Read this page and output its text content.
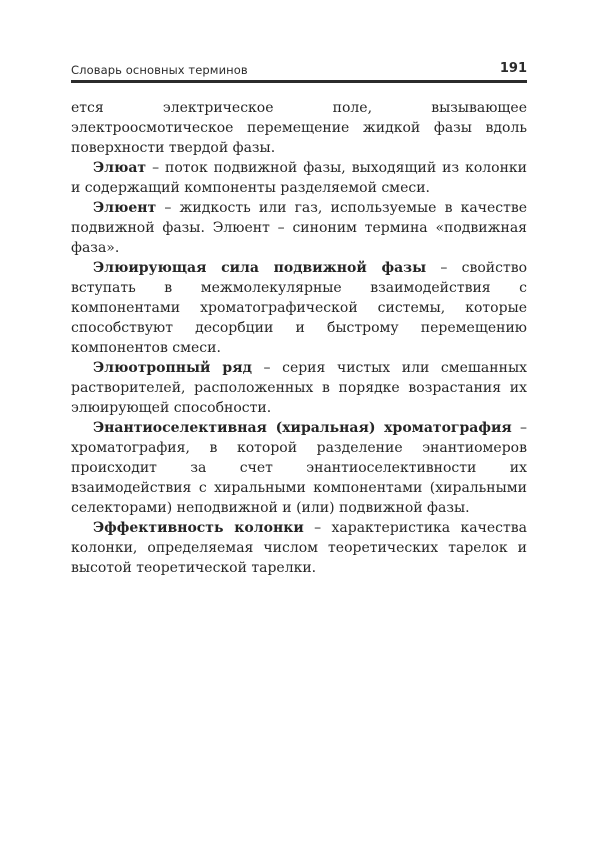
Словарь основных терминов	191

ется электрическое поле, вызывающее электроосмотическое перемещение жидкой фазы вдоль поверхности твердой фазы.

Элюат – поток подвижной фазы, выходящий из колонки и содержащий компоненты разделяемой смеси.

Элюент – жидкость или газ, используемые в качестве подвижной фазы. Элюент – синоним термина «подвижная фаза».

Элюирующая сила подвижной фазы – свойство вступать в межмолекулярные взаимодействия с компонентами хроматографической системы, которые способствуют десорбции и быстрому перемещению компонентов смеси.

Элюотропный ряд – серия чистых или смешанных растворителей, расположенных в порядке возрастания их элюирующей способности.

Энантиоселективная (хиральная) хроматография – хроматография, в которой разделение энантиомеров происходит за счет энантиоселективности их взаимодействия с хиральными компонентами (хиральными селекторами) неподвижной и (или) подвижной фазы.

Эффективность колонки – характеристика качества колонки, определяемая числом теоретических тарелок и высотой теоретической тарелки.
